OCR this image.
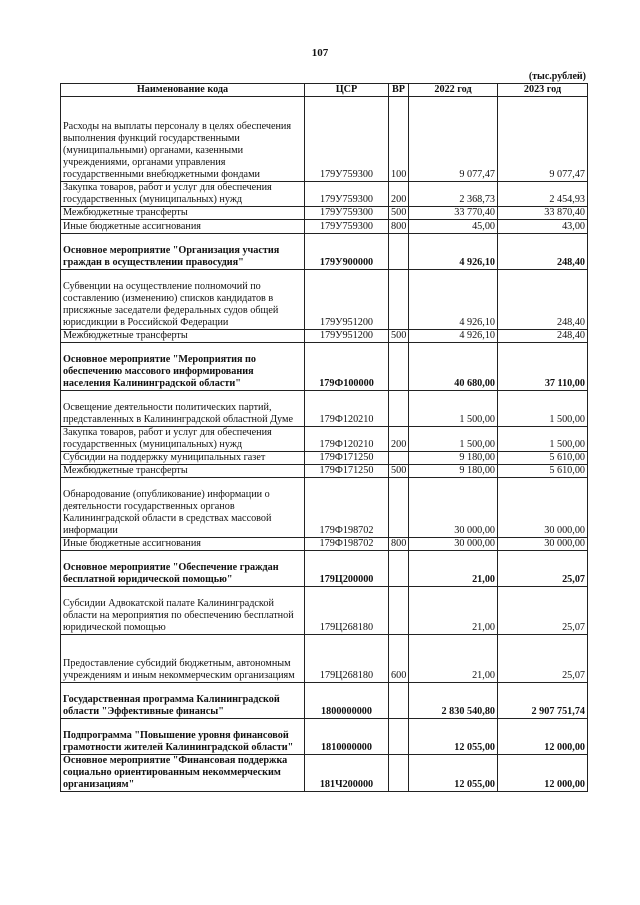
107
(тыс.рублей)
Наименование кода	ЦСР	ВР	2022 год	2023 год
Расходы на выплаты персоналу в целях обеспечения выполнения функций государственными (муниципальными) органами, казенными учреждениями, органами управления государственными внебюджетными фондами	179У759300	100	9 077,47	9 077,47
Закупка товаров, работ и услуг для обеспечения государственных (муниципальных) нужд	179У759300	200	2 368,73	2 454,93
Межбюджетные трансферты	179У759300	500	33 770,40	33 870,40
Иные бюджетные ассигнования	179У759300	800	45,00	43,00
Основное мероприятие "Организация участия граждан в осуществлении правосудия"	179У900000		4 926,10	248,40
Субвенции на осуществление полномочий по составлению (изменению) списков кандидатов в присяжные заседатели федеральных судов общей юрисдикции в Российской Федерации	179У951200		4 926,10	248,40
Межбюджетные трансферты	179У951200	500	4 926,10	248,40
Основное мероприятие "Мероприятия по обеспечению массового информирования населения Калининградской области"	179Ф100000		40 680,00	37 110,00
Освещение деятельности политических партий, представленных в Калининградской областной Думе	179Ф120210		1 500,00	1 500,00
Закупка товаров, работ и услуг для обеспечения государственных (муниципальных) нужд	179Ф120210	200	1 500,00	1 500,00
Субсидии на поддержку муниципальных газет	179Ф171250		9 180,00	5 610,00
Межбюджетные трансферты	179Ф171250	500	9 180,00	5 610,00
Обнародование (опубликование) информации о деятельности государственных органов Калининградской области в средствах массовой информации	179Ф198702		30 000,00	30 000,00
Иные бюджетные ассигнования	179Ф198702	800	30 000,00	30 000,00
Основное мероприятие "Обеспечение граждан бесплатной юридической помощью"	179Ц200000		21,00	25,07
Субсидии Адвокатской палате Калининградской области на мероприятия по обеспечению бесплатной юридической помощью	179Ц268180		21,00	25,07
Предоставление субсидий бюджетным, автономным учреждениям и иным некоммерческим организациям	179Ц268180	600	21,00	25,07
Государственная программа Калининградской области "Эффективные финансы"	1800000000		2 830 540,80	2 907 751,74
Подпрограмма "Повышение уровня финансовой грамотности жителей Калининградской области"	1810000000		12 055,00	12 000,00
Основное мероприятие "Финансовая поддержка социально ориентированным некоммерческим организациям"	181Ч200000		12 055,00	12 000,00
